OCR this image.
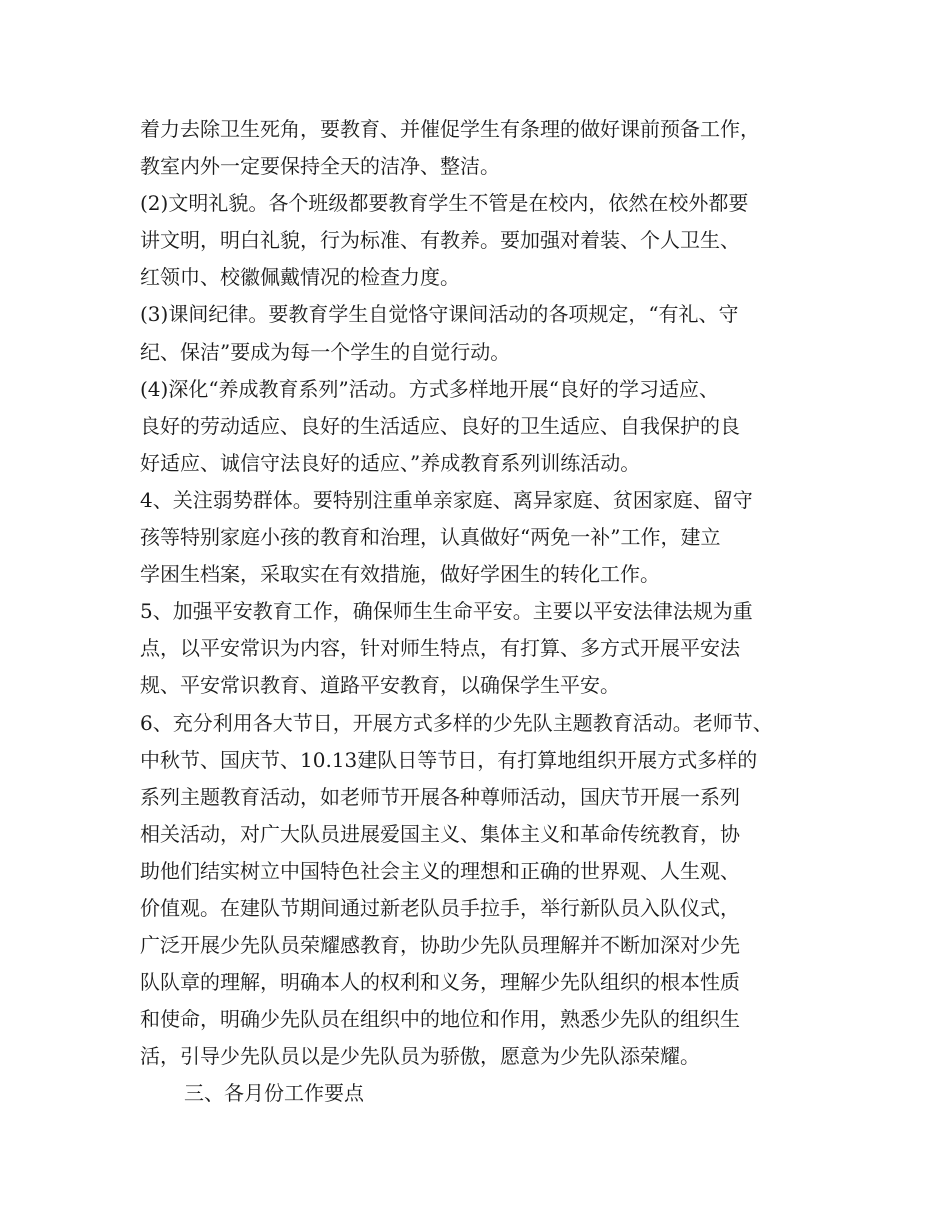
着力去除卫生死角，要教育、并催促学生有条理的做好课前预备工作，
教室内外一定要保持全天的洁净、整洁。
(2)文明礼貌。各个班级都要教育学生不管是在校内，依然在校外都要
讲文明，明白礼貌，行为标准、有教养。要加强对着装、个人卫生、
红领巾、校徽佩戴情况的检查力度。
(3)课间纪律。要教育学生自觉恪守课间活动的各项规定，“有礼、守
纪、保洁”要成为每一个学生的自觉行动。
(4)深化“养成教育系列”活动。方式多样地开展“良好的学习适应、
良好的劳动适应、良好的生活适应、良好的卫生适应、自我保护的良
好适应、诚信守法良好的适应、”养成教育系列训练活动。
4、关注弱势群体。要特别注重单亲家庭、离异家庭、贫困家庭、留守
孩等特别家庭小孩的教育和治理，认真做好“两免一补”工作，建立
学困生档案，采取实在有效措施，做好学困生的转化工作。
5、加强平安教育工作，确保师生生命平安。主要以平安法律法规为重
点，以平安常识为内容，针对师生特点，有打算、多方式开展平安法
规、平安常识教育、道路平安教育，以确保学生平安。
6、充分利用各大节日，开展方式多样的少先队主题教育活动。老师节、
中秋节、国庆节、10.13建队日等节日，有打算地组织开展方式多样的
系列主题教育活动，如老师节开展各种尊师活动，国庆节开展一系列
相关活动，对广大队员进展爱国主义、集体主义和革命传统教育，协
助他们结实树立中国特色社会主义的理想和正确的世界观、人生观、
价值观。在建队节期间通过新老队员手拉手，举行新队员入队仪式，
广泛开展少先队员荣耀感教育，协助少先队员理解并不断加深对少先
队队章的理解，明确本人的权利和义务，理解少先队组织的根本性质
和使命，明确少先队员在组织中的地位和作用，熟悉少先队的组织生
活，引导少先队员以是少先队员为骄傲，愿意为少先队添荣耀。
三、各月份工作要点
